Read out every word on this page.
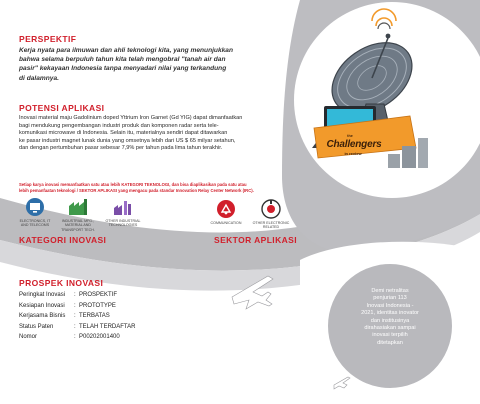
PERSPEKTIF
Kerja nyata para ilmuwan dan ahli teknologi kita, yang menunjukkan
bahwa selama berpuluh tahun kita telah mengobral "tanah air dan
pasir" kekayaan Indonesia tanpa menyadari nilai yang terkandung
di dalamnya.
POTENSI APLIKASI
Inovasi material maju Gadolinium doped Yttrium Iron Garnet (Gd YIG) dapat dimanfaatkan
bagi mendukung pengembangan industri produk dan komponen radar serta tele-
komunikasi microwave di Indonesia. Selain itu, materialnya sendiri dapat ditawarkan
ke pasar industri magnet lunak dunia yang omsetnya lebih dari US $ 65 milyar setahun,
dan dengan pertumbuhan pasar sebesar 7,9% per tahun pada lima tahun terakhir.
Setiap karya inovasi memanfaatkan satu atau lebih KATEGORI TEKNOLOGI, dan bisa diaplikasikan pada satu atau
lebih pemanfaatan teknologi / SEKTOR APLIKASI yang mengacu pada standar Innovation Relay Center Network (IRC).
the
Challengers
in review
ELECTRONICS, IT
AND TELECOMS
INDUSTRIAL MFG.,
MATERIAL AND
TRANSPORT TECH.
OTHER INDUSTRIAL
TECHNOLOGIES
KATEGORI INOVASI
COMMUNICATION	OTHER ELECTRONIC
RELATED
SEKTOR APLIKASI
PROSPEK INOVASI
Peringkat Inovasi	: PROSPEKTIF
Kesiapan Inovasi	: PROTOTYPE
Kerjasama Bisnis	: TERBATAS
Status Paten	: TELAH TERDAFTAR
Nomor	: P00202001400
Demi netralitas
penjurian 113
Inovasi Indonesia -
2021, identitas inovator
dan institusinya
dirahasiakan sampai
inovasi terpilih
ditetapkan
